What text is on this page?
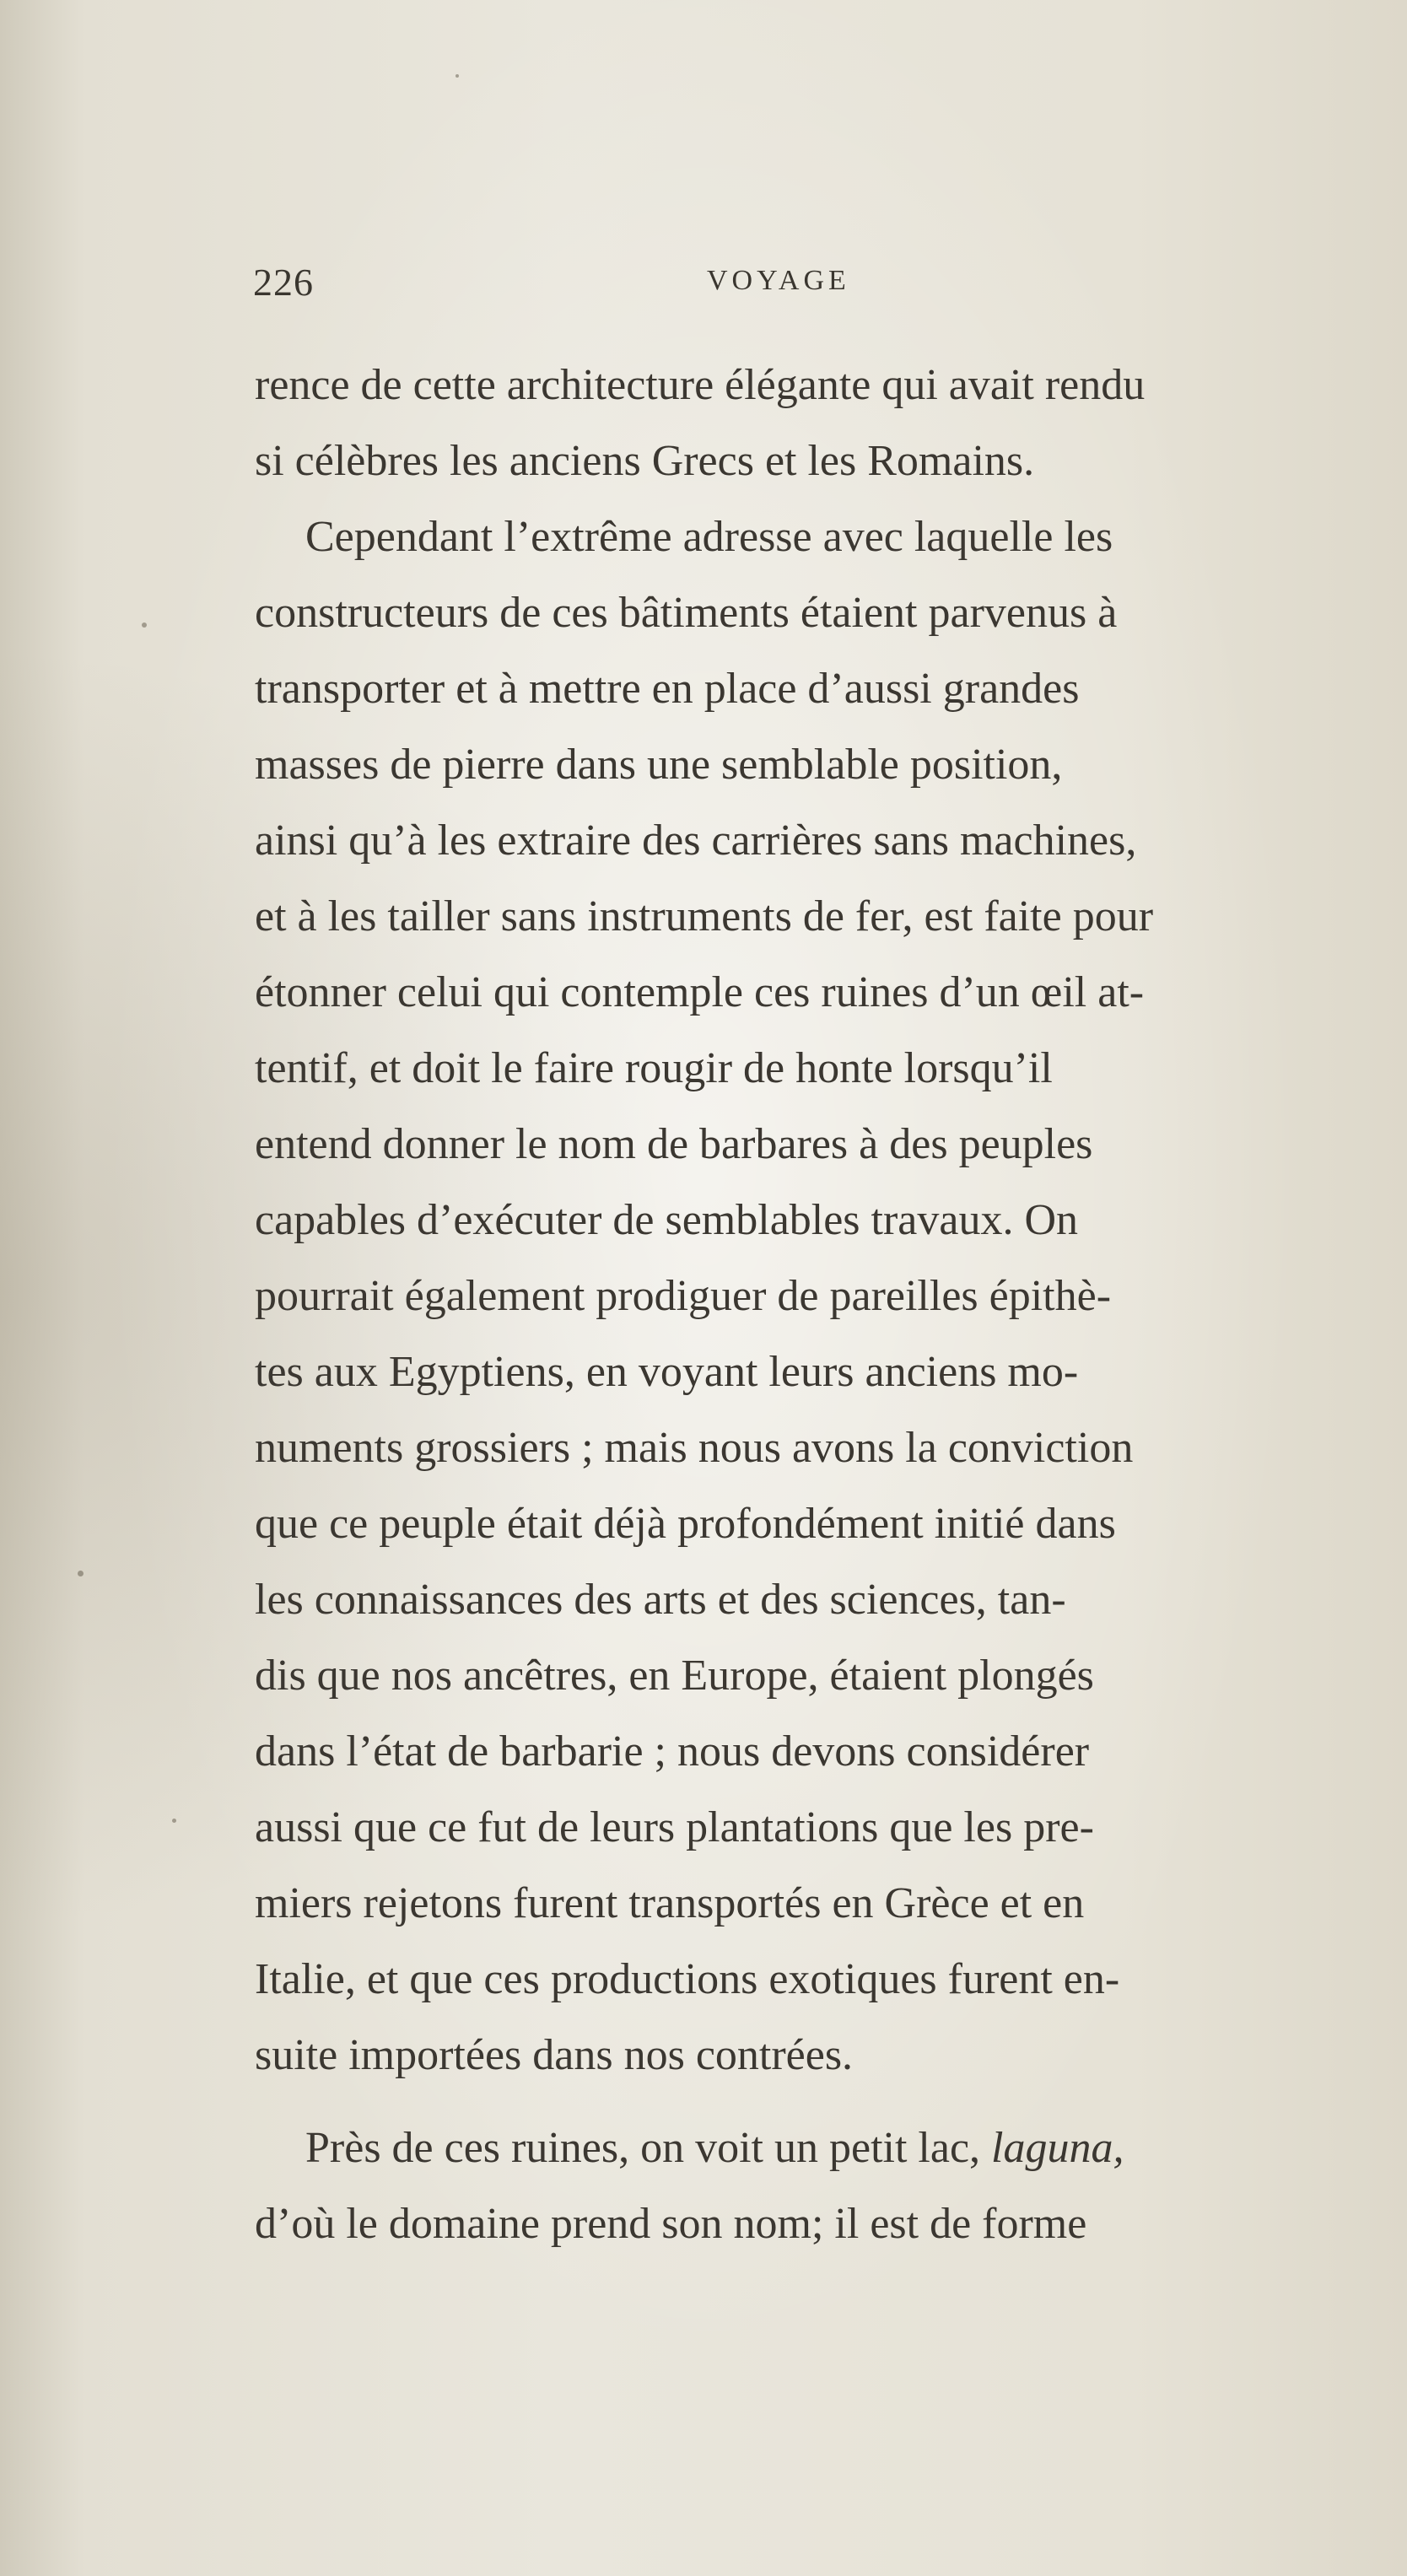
226	VOYAGE
rence de cette architecture élégante qui avait rendu
si célèbres les anciens Grecs et les Romains.
Cependant l’extrême adresse avec laquelle les
constructeurs de ces bâtiments étaient parvenus à
transporter et à mettre en place d’aussi grandes
masses de pierre dans une semblable position,
ainsi qu’à les extraire des carrières sans machines,
et à les tailler sans instruments de fer, est faite pour
étonner celui qui contemple ces ruines d’un œil at-
tentif, et doit le faire rougir de honte lorsqu’il
entend donner le nom de barbares à des peuples
capables d’exécuter de semblables travaux. On
pourrait également prodiguer de pareilles épithè-
tes aux Egyptiens, en voyant leurs anciens mo-
numents grossiers ; mais nous avons la conviction
que ce peuple était déjà profondément initié dans
les connaissances des arts et des sciences, tan-
dis que nos ancêtres, en Europe, étaient plongés
dans l’état de barbarie ; nous devons considérer
aussi que ce fut de leurs plantations que les pre-
miers rejetons furent transportés en Grèce et en
Italie, et que ces productions exotiques furent en-
suite importées dans nos contrées.
Près de ces ruines, on voit un petit lac, laguna,
d’où le domaine prend son nom; il est de forme
